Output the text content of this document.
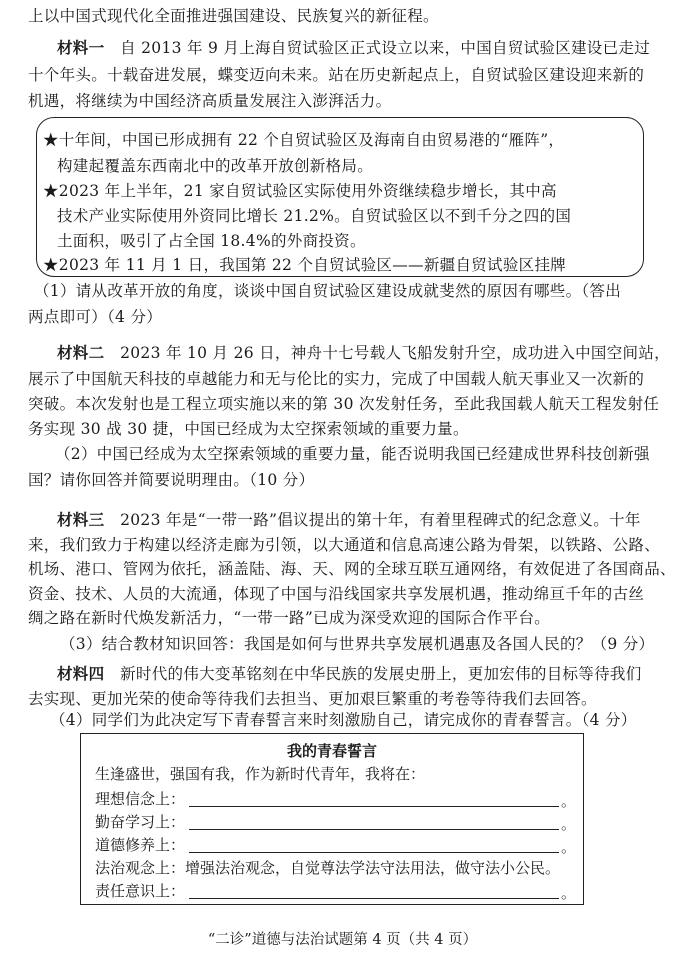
上以中国式现代化全面推进强国建设、民族复兴的新征程。
材料一 自 2013 年 9 月上海自贸试验区正式设立以来，中国自贸试验区建设已走过
十个年头。十载奋进发展，蝶变迈向未来。站在历史新起点上，自贸试验区建设迎来新的
机遇，将继续为中国经济高质量发展注入澎湃活力。
★十年间，中国已形成拥有 22 个自贸试验区及海南自由贸易港的“雁阵”，
构建起覆盖东西南北中的改革开放创新格局。
★2023 年上半年，21 家自贸试验区实际使用外资继续稳步增长，其中高
技术产业实际使用外资同比增长 21.2%。自贸试验区以不到千分之四的国
土面积，吸引了占全国 18.4%的外商投资。
★2023 年 11 月 1 日，我国第 22 个自贸试验区——新疆自贸试验区挂牌
（1）请从改革开放的角度，谈谈中国自贸试验区建设成就斐然的原因有哪些。（答出
两点即可）（4 分）
材料二 2023 年 10 月 26 日，神舟十七号载人飞船发射升空，成功进入中国空间站，
展示了中国航天科技的卓越能力和无与伦比的实力，完成了中国载人航天事业又一次新的
突破。本次发射也是工程立项实施以来的第 30 次发射任务，至此我国载人航天工程发射任
务实现 30 战 30 捷，中国已经成为太空探索领域的重要力量。
（2）中国已经成为太空探索领域的重要力量，能否说明我国已经建成世界科技创新强
国？请你回答并简要说明理由。（10 分）
材料三 2023 年是“一带一路”倡议提出的第十年，有着里程碑式的纪念意义。十年
来，我们致力于构建以经济走廊为引领，以大通道和信息高速公路为骨架，以铁路、公路、
机场、港口、管网为依托，涵盖陆、海、天、网的全球互联互通网络，有效促进了各国商品、
资金、技术、人员的大流通，体现了中国与沿线国家共享发展机遇，推动绵亘千年的古丝
绸之路在新时代焕发新活力，“一带一路”已成为深受欢迎的国际合作平台。
（3）结合教材知识回答：我国是如何与世界共享发展机遇惠及各国人民的？（9 分）
材料四 新时代的伟大变革铭刻在中华民族的发展史册上，更加宏伟的目标等待我们
去实现、更加光荣的使命等待我们去担当、更加艰巨繁重的考卷等待我们去回答。
（4）同学们为此决定写下青春誓言来时刻激励自己，请完成你的青春誓言。（4 分）
我的青春誓言
生逢盛世，强国有我，作为新时代青年，我将在：
理想信念上：	。
勤奋学习上：	。
道德修养上：	。
法治观念上：增强法治观念，自觉尊法学法守法用法，做守法小公民。
责任意识上：	。
“二诊”道德与法治试题第 4 页（共 4 页）
